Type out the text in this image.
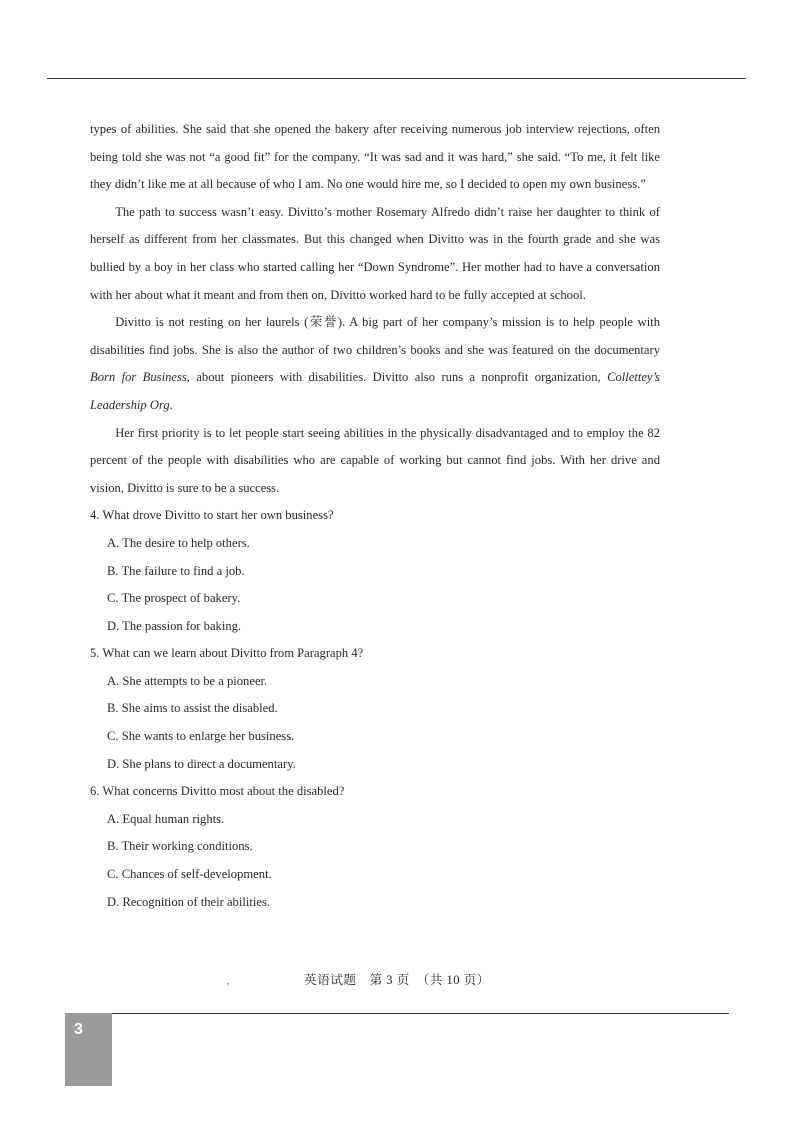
types of abilities. She said that she opened the bakery after receiving numerous job interview rejections, often being told she was not “a good fit” for the company. “It was sad and it was hard,” she said. “To me, it felt like they didn’t like me at all because of who I am. No one would hire me, so I decided to open my own business.”

The path to success wasn’t easy. Divitto’s mother Rosemary Alfredo didn’t raise her daughter to think of herself as different from her classmates. But this changed when Divitto was in the fourth grade and she was bullied by a boy in her class who started calling her “Down Syndrome”. Her mother had to have a conversation with her about what it meant and from then on, Divitto worked hard to be fully accepted at school.

Divitto is not resting on her laurels (荣誉). A big part of her company’s mission is to help people with disabilities find jobs. She is also the author of two children’s books and she was featured on the documentary Born for Business, about pioneers with disabilities. Divitto also runs a nonprofit organization, Collettey’s Leadership Org.

Her first priority is to let people start seeing abilities in the physically disadvantaged and to employ the 82 percent of the people with disabilities who are capable of working but cannot find jobs. With her drive and vision, Divitto is sure to be a success.

4. What drove Divitto to start her own business?

A. The desire to help others.

B. The failure to find a job.

C. The prospect of bakery.

D. The passion for baking.

5. What can we learn about Divitto from Paragraph 4?

A. She attempts to be a pioneer.

B. She aims to assist the disabled.

C. She wants to enlarge her business.

D. She plans to direct a documentary.

6. What concerns Divitto most about the disabled?

A. Equal human rights.

B. Their working conditions.

C. Chances of self-development.

D. Recognition of their abilities.

′
英语试题　第 3 页　（共 10 页）
3
